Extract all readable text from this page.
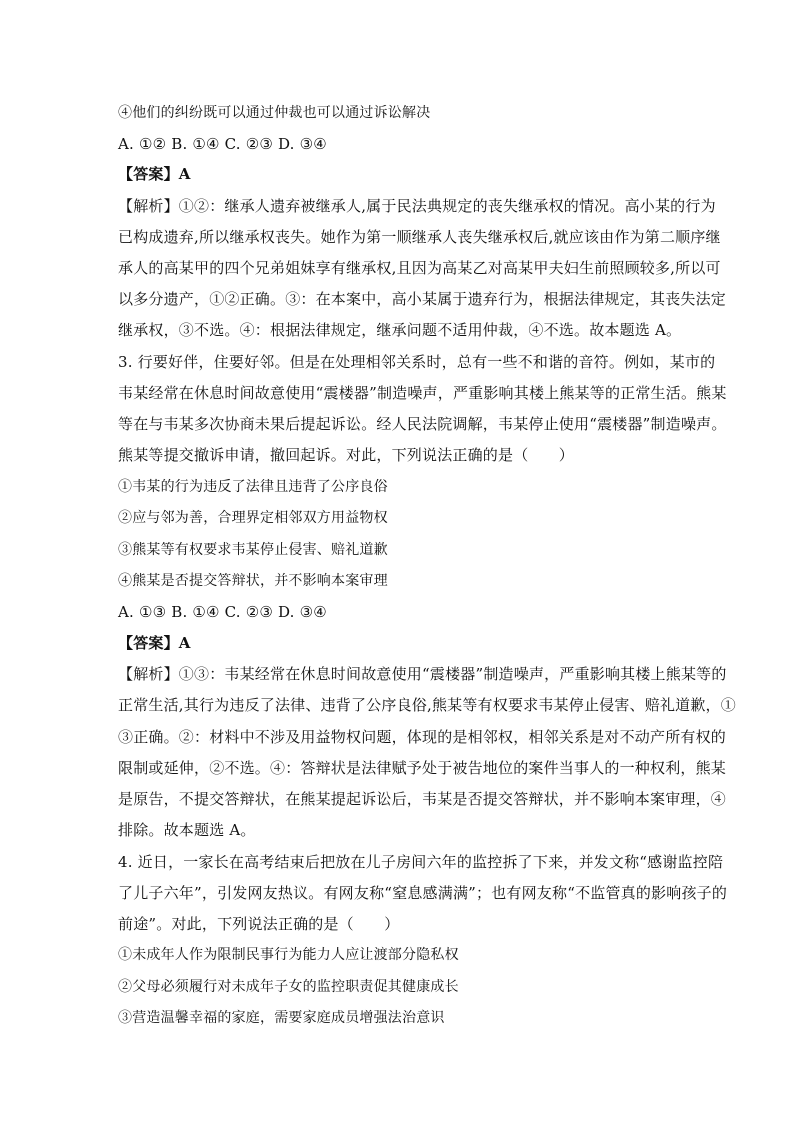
④他们的纠纷既可以通过仲裁也可以通过诉讼解决
A. ①② B. ①④ C. ②③ D. ③④
【答案】A
【解析】①②：继承人遗弃被继承人,属于民法典规定的丧失继承权的情况。高小某的行为
已构成遗弃,所以继承权丧失。她作为第一顺继承人丧失继承权后,就应该由作为第二顺序继
承人的高某甲的四个兄弟姐妹享有继承权,且因为高某乙对高某甲夫妇生前照顾较多,所以可
以多分遗产，①②正确。③：在本案中，高小某属于遗弃行为，根据法律规定，其丧失法定
继承权，③不选。④：根据法律规定，继承问题不适用仲裁，④不选。故本题选 A。
3. 行要好伴，住要好邻。但是在处理相邻关系时，总有一些不和谐的音符。例如，某市的
韦某经常在休息时间故意使用“震楼器”制造噪声，严重影响其楼上熊某等的正常生活。熊某
等在与韦某多次协商未果后提起诉讼。经人民法院调解，韦某停止使用“震楼器”制造噪声。
熊某等提交撤诉申请，撤回起诉。对此，下列说法正确的是（　　）
①韦某的行为违反了法律且违背了公序良俗
②应与邻为善，合理界定相邻双方用益物权
③熊某等有权要求韦某停止侵害、赔礼道歉
④熊某是否提交答辩状，并不影响本案审理
A. ①③ B. ①④ C. ②③ D. ③④
【答案】A
【解析】①③：韦某经常在休息时间故意使用“震楼器”制造噪声，严重影响其楼上熊某等的
正常生活,其行为违反了法律、违背了公序良俗,熊某等有权要求韦某停止侵害、赔礼道歉，①
③正确。②：材料中不涉及用益物权问题，体现的是相邻权，相邻关系是对不动产所有权的
限制或延伸，②不选。④：答辩状是法律赋予处于被告地位的案件当事人的一种权利，熊某
是原告，不提交答辩状，在熊某提起诉讼后，韦某是否提交答辩状，并不影响本案审理，④
排除。故本题选 A。
4. 近日，一家长在高考结束后把放在儿子房间六年的监控拆了下来，并发文称“感谢监控陪
了儿子六年”，引发网友热议。有网友称“窒息感满满”；也有网友称“不监管真的影响孩子的
前途”。对此，下列说法正确的是（　　）
①未成年人作为限制民事行为能力人应让渡部分隐私权
②父母必须履行对未成年子女的监控职责促其健康成长
③营造温馨幸福的家庭，需要家庭成员增强法治意识
